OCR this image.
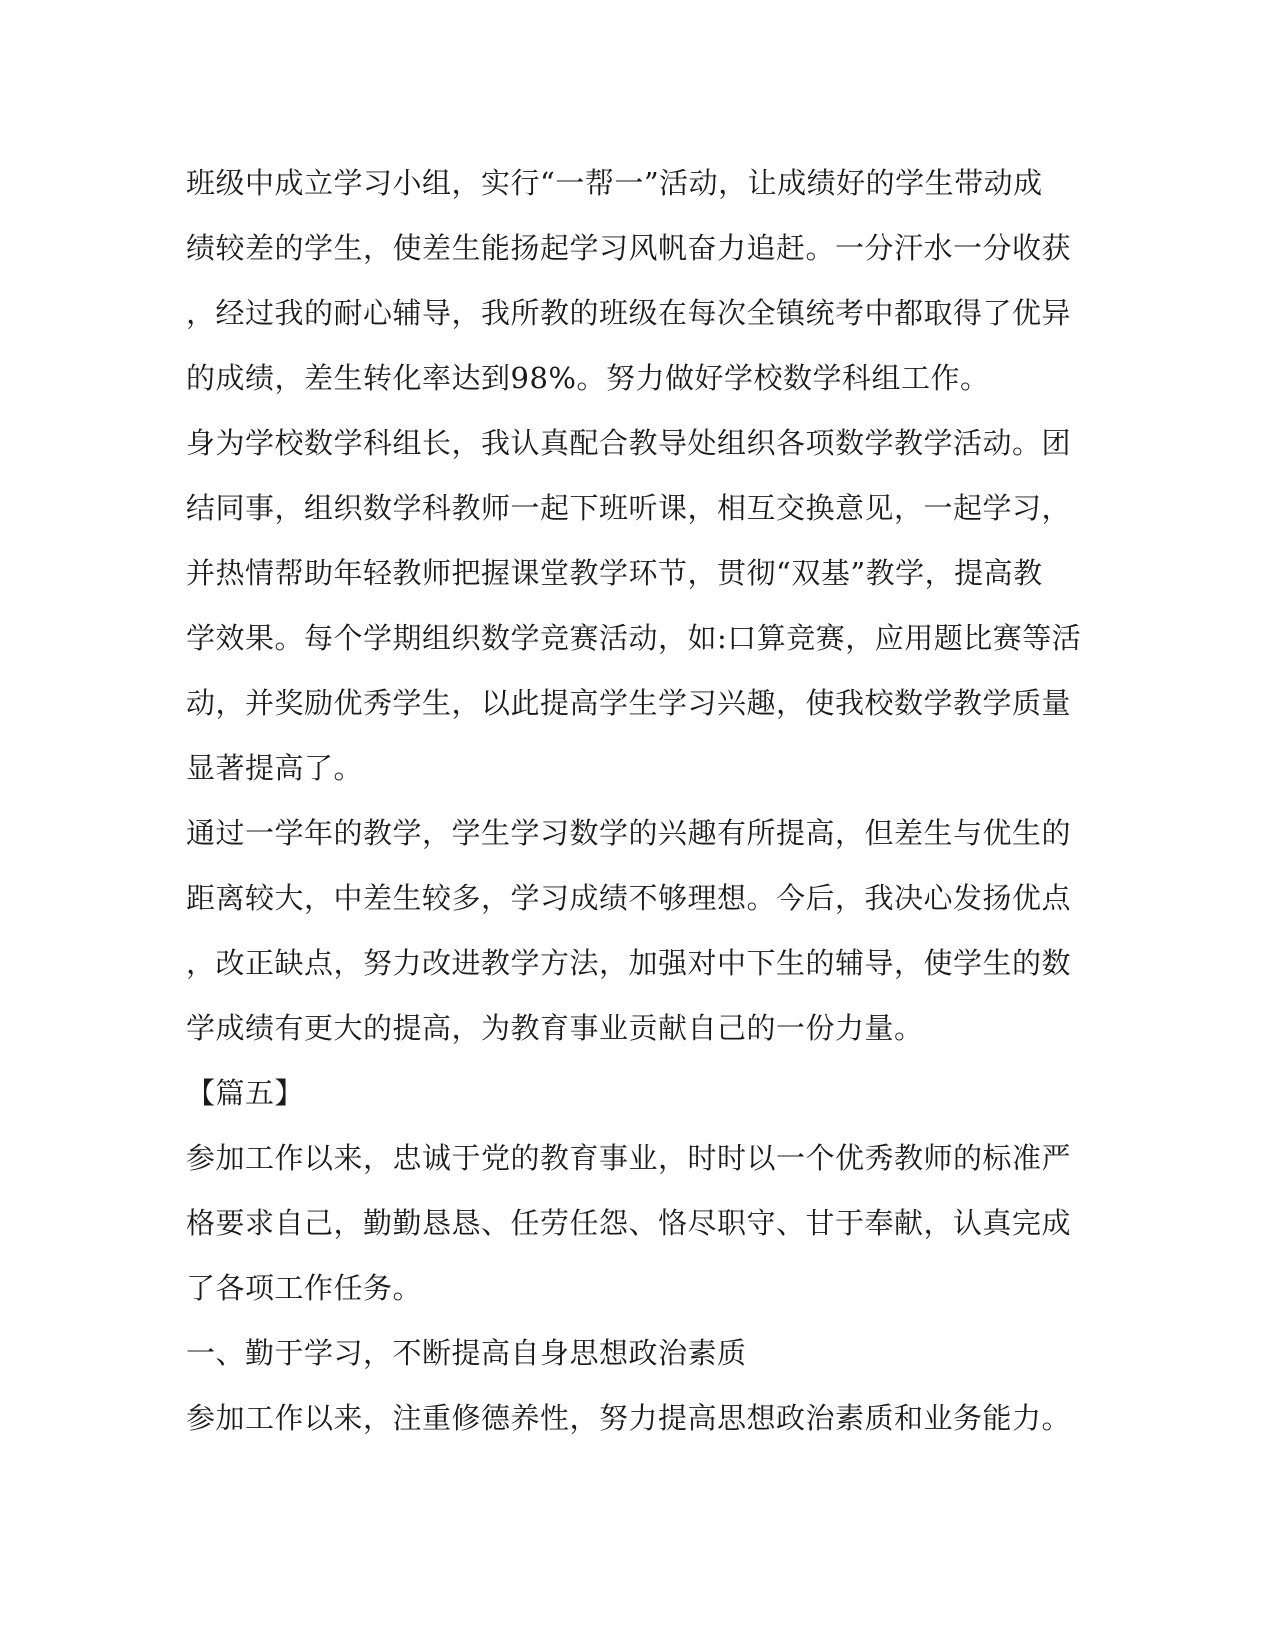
班级中成立学习小组，实行“一帮一”活动，让成绩好的学生带动成
绩较差的学生，使差生能扬起学习风帆奋力追赶。一分汗水一分收获
，经过我的耐心辅导，我所教的班级在每次全镇统考中都取得了优异
的成绩，差生转化率达到98%。努力做好学校数学科组工作。
身为学校数学科组长，我认真配合教导处组织各项数学教学活动。团
结同事，组织数学科教师一起下班听课，相互交换意见，一起学习，
并热情帮助年轻教师把握课堂教学环节，贯彻“双基”教学，提高教
学效果。每个学期组织数学竞赛活动，如:口算竞赛，应用题比赛等活
动，并奖励优秀学生，以此提高学生学习兴趣，使我校数学教学质量
显著提高了。
通过一学年的教学，学生学习数学的兴趣有所提高，但差生与优生的
距离较大，中差生较多，学习成绩不够理想。今后，我决心发扬优点
，改正缺点，努力改进教学方法，加强对中下生的辅导，使学生的数
学成绩有更大的提高，为教育事业贡献自己的一份力量。
【篇五】
参加工作以来，忠诚于党的教育事业，时时以一个优秀教师的标准严
格要求自己，勤勤恳恳、任劳任怨、恪尽职守、甘于奉献，认真完成
了各项工作任务。
一、勤于学习，不断提高自身思想政治素质
参加工作以来，注重修德养性，努力提高思想政治素质和业务能力。
